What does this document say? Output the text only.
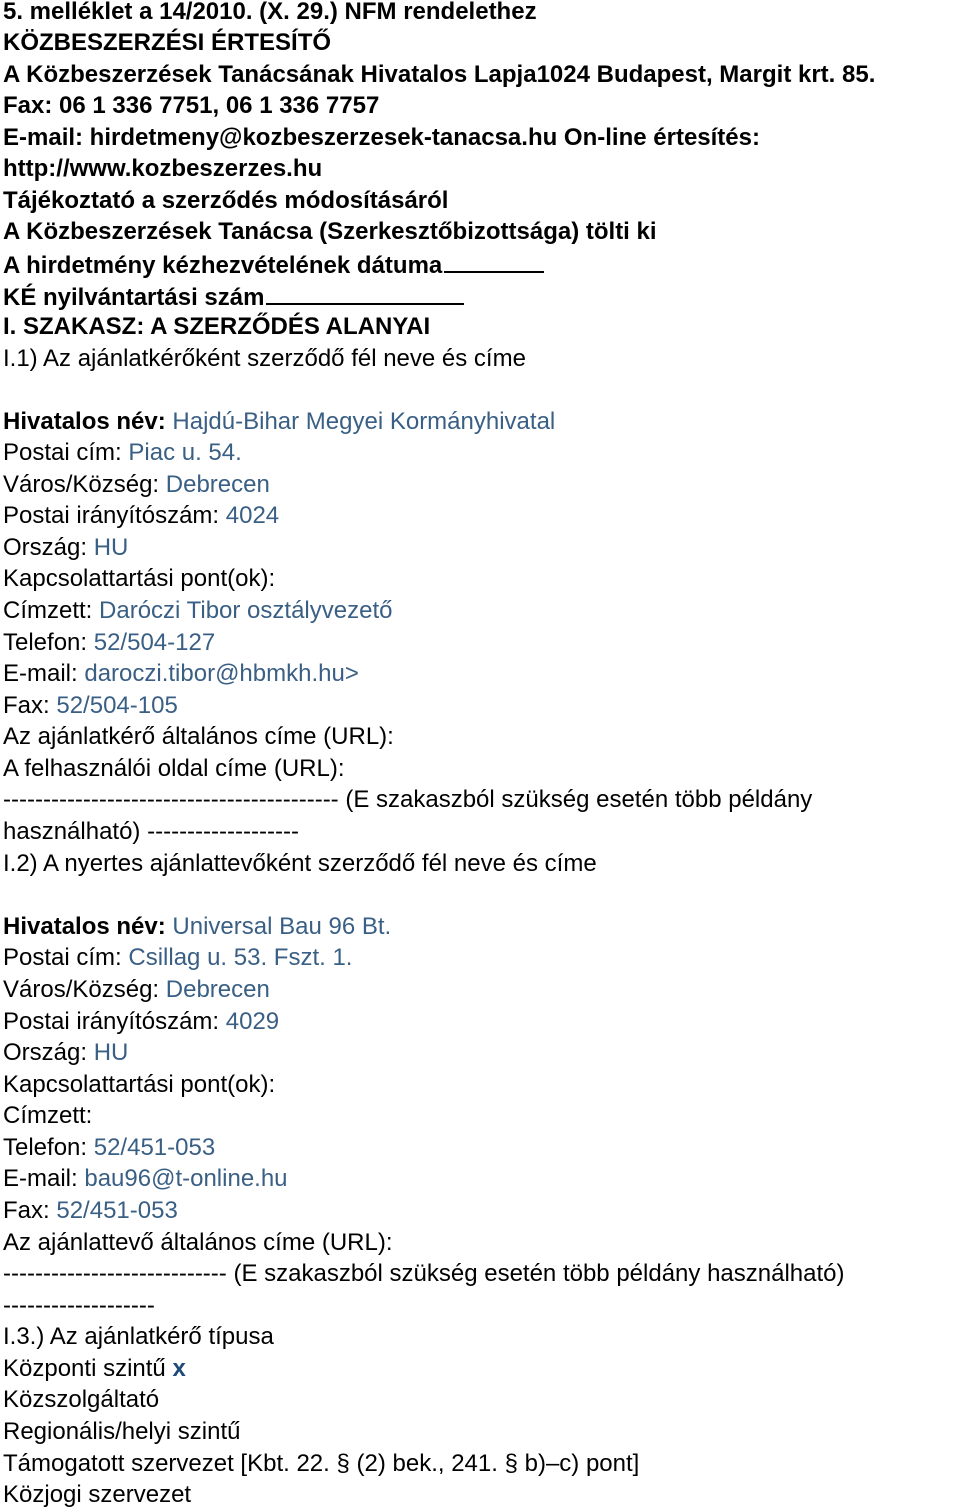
5. melléklet a 14/2010. (X. 29.) NFM rendelethez
KÖZBESZERZÉSI ÉRTESÍTŐ
A Közbeszerzések Tanácsának Hivatalos Lapja1024 Budapest, Margit krt. 85.
Fax: 06 1 336 7751, 06 1 336 7757
E-mail: hirdetmeny@kozbeszerzesek-tanacsa.hu On-line értesítés:
http://www.kozbeszerzes.hu
Tájékoztató a szerződés módosításáról
A Közbeszerzések Tanácsa (Szerkesztőbizottsága) tölti ki
A hirdetmény kézhezvételének dátuma
KÉ nyilvántartási szám
I. SZAKASZ: A SZERZŐDÉS ALANYAI
I.1) Az ajánlatkérőként szerződő fél neve és címe
Hivatalos név: Hajdú-Bihar Megyei Kormányhivatal
Postai cím: Piac u. 54.
Város/Község: Debrecen
Postai irányítószám: 4024
Ország: HU
Kapcsolattartási pont(ok):
Címzett: Daróczi Tibor osztályvezető
Telefon: 52/504-127
E-mail: daroczi.tibor@hbmkh.hu>
Fax: 52/504-105
Az ajánlatkérő általános címe (URL):
A felhasználói oldal címe (URL):
------------------------------------------ (E szakaszból szükség esetén több példány
használható) -------------------
I.2) A nyertes ajánlattevőként szerződő fél neve és címe
Hivatalos név: Universal Bau 96 Bt.
Postai cím: Csillag u. 53. Fszt. 1.
Város/Község: Debrecen
Postai irányítószám: 4029
Ország: HU
Kapcsolattartási pont(ok):
Címzett:
Telefon: 52/451-053
E-mail: bau96@t-online.hu
Fax: 52/451-053
Az ajánlattevő általános címe (URL):
---------------------------- (E szakaszból szükség esetén több példány használható)
-------------------
I.3.) Az ajánlatkérő típusa
Központi szintű x
Közszolgáltató
Regionális/helyi szintű
Támogatott szervezet [Kbt. 22. § (2) bek., 241. § b)–c) pont]
Közjogi szervezet
